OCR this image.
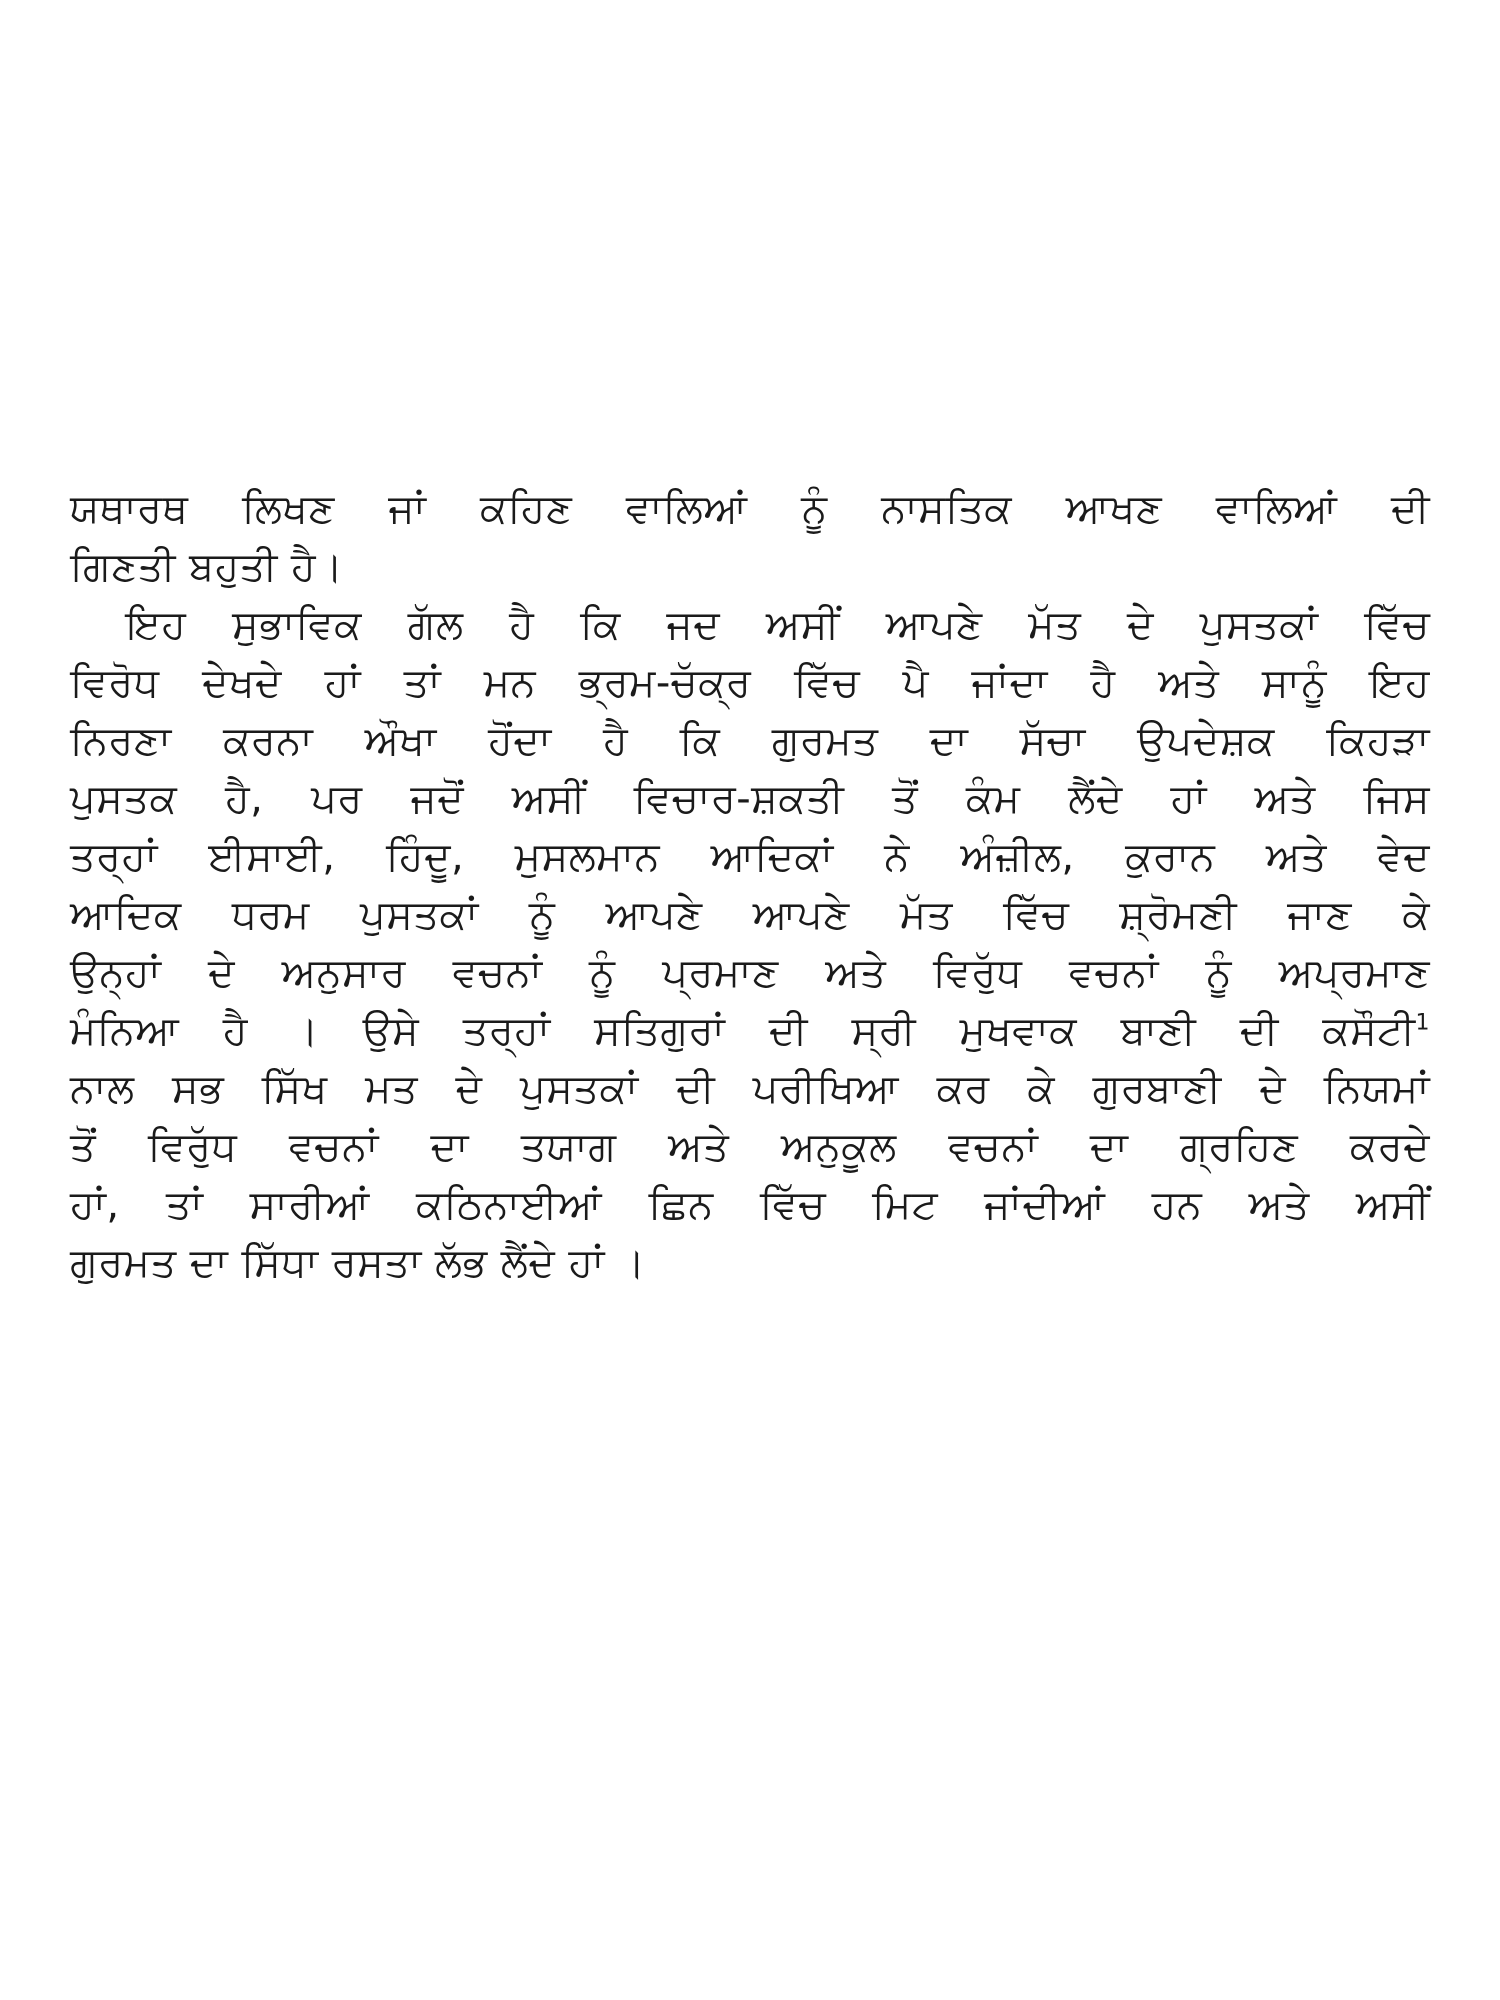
ਯਥਾਰਥ ਲਿਖਣ ਜਾਂ ਕਹਿਣ ਵਾਲਿਆਂ ਨੂੰ ਨਾਸਤਿਕ ਆਖਣ ਵਾਲਿਆਂ ਦੀ
ਗਿਣਤੀ ਬਹੁਤੀ ਹੈ।
ਇਹ ਸੁਭਾਵਿਕ ਗੱਲ ਹੈ ਕਿ ਜਦ ਅਸੀਂ ਆਪਣੇ ਮੱਤ ਦੇ ਪੁਸਤਕਾਂ ਵਿੱਚ
ਵਿਰੋਧ ਦੇਖਦੇ ਹਾਂ ਤਾਂ ਮਨ ਭ੍ਰਮ-ਚੱਕ੍ਰ ਵਿੱਚ ਪੈ ਜਾਂਦਾ ਹੈ ਅਤੇ ਸਾਨੂੰ ਇਹ
ਨਿਰਣਾ ਕਰਨਾ ਔਖਾ ਹੋਂਦਾ ਹੈ ਕਿ ਗੁਰਮਤ ਦਾ ਸੱਚਾ ਉਪਦੇਸ਼ਕ ਕਿਹੜਾ
ਪੁਸਤਕ ਹੈ, ਪਰ ਜਦੋਂ ਅਸੀਂ ਵਿਚਾਰ-ਸ਼ਕਤੀ ਤੋਂ ਕੰਮ ਲੈਂਦੇ ਹਾਂ ਅਤੇ ਜਿਸ
ਤਰ੍ਹਾਂ ਈਸਾਈ, ਹਿੰਦੂ, ਮੁਸਲਮਾਨ ਆਦਿਕਾਂ ਨੇ ਅੰਜ਼ੀਲ, ਕੁਰਾਨ ਅਤੇ ਵੇਦ
ਆਦਿਕ ਧਰਮ ਪੁਸਤਕਾਂ ਨੂੰ ਆਪਣੇ ਆਪਣੇ ਮੱਤ ਵਿੱਚ ਸ਼੍ਰੋਮਣੀ ਜਾਣ ਕੇ
ਉਨ੍ਹਾਂ ਦੇ ਅਨੁਸਾਰ ਵਚਨਾਂ ਨੂੰ ਪ੍ਰਮਾਣ ਅਤੇ ਵਿਰੁੱਧ ਵਚਨਾਂ ਨੂੰ ਅਪ੍ਰਮਾਣ
ਮੰਨਿਆ ਹੈ । ਉਸੇ ਤਰ੍ਹਾਂ ਸਤਿਗੁਰਾਂ ਦੀ ਸ੍ਰੀ ਮੁਖਵਾਕ ਬਾਣੀ ਦੀ ਕਸੌਟੀ$^1$
ਨਾਲ ਸਭ ਸਿੱਖ ਮਤ ਦੇ ਪੁਸਤਕਾਂ ਦੀ ਪਰੀਖਿਆ ਕਰ ਕੇ ਗੁਰਬਾਣੀ ਦੇ ਨਿਯਮਾਂ
ਤੋਂ ਵਿਰੁੱਧ ਵਚਨਾਂ ਦਾ ਤਯਾਗ ਅਤੇ ਅਨੁਕੂਲ ਵਚਨਾਂ ਦਾ ਗ੍ਰਹਿਣ ਕਰਦੇ
ਹਾਂ, ਤਾਂ ਸਾਰੀਆਂ ਕਠਿਨਾਈਆਂ ਛਿਨ ਵਿੱਚ ਮਿਟ ਜਾਂਦੀਆਂ ਹਨ ਅਤੇ ਅਸੀਂ
ਗੁਰਮਤ ਦਾ ਸਿੱਧਾ ਰਸਤਾ ਲੱਭ ਲੈਂਦੇ ਹਾਂ ।
